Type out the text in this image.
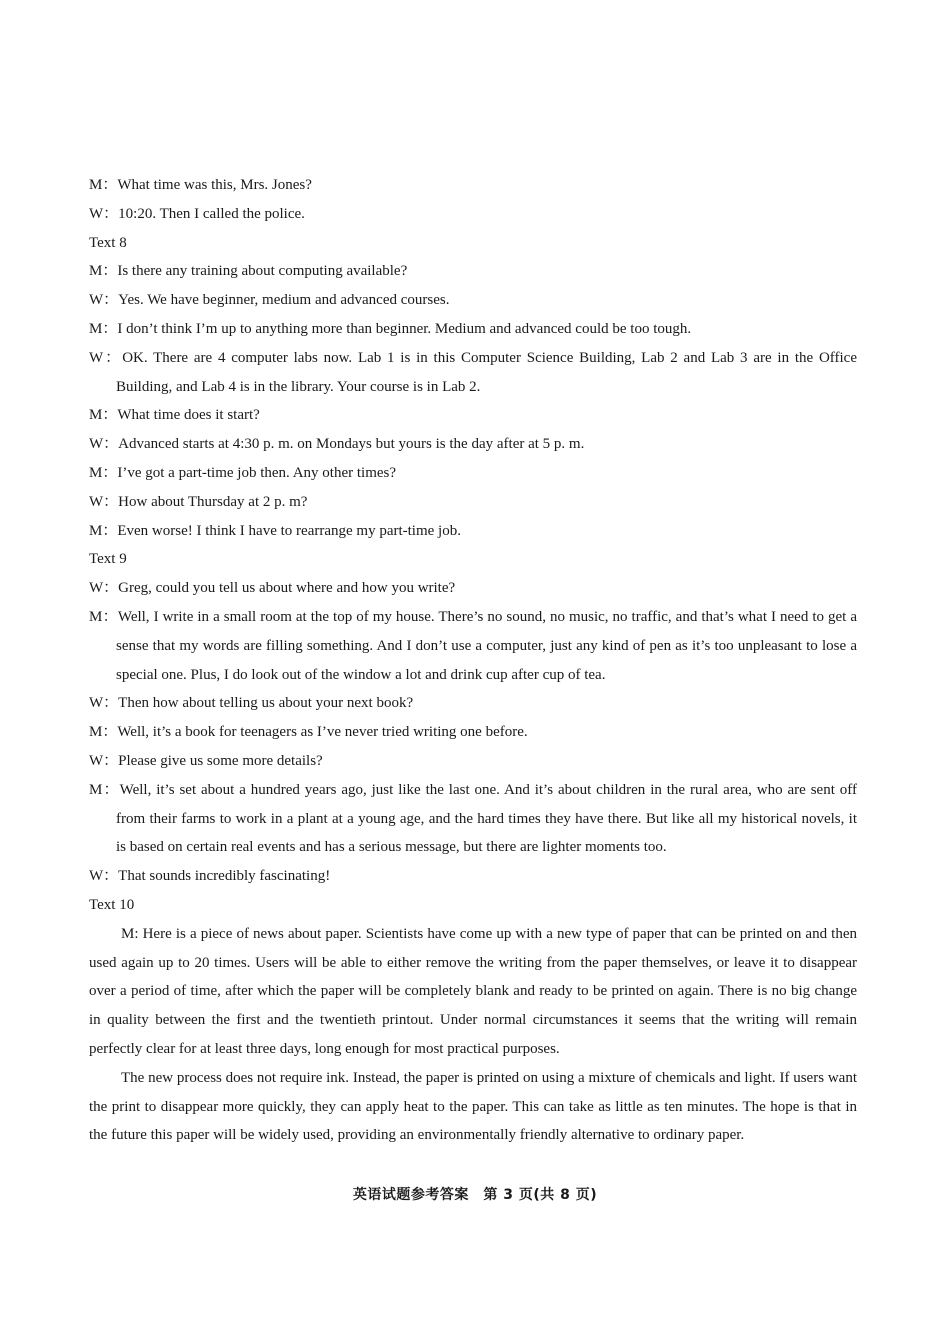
M：What time was this, Mrs. Jones?

W：10:20. Then I called the police.

Text 8

M：Is there any training about computing available?

W：Yes. We have beginner, medium and advanced courses.

M：I don’t think I’m up to anything more than beginner. Medium and advanced could be too tough.

W：OK. There are 4 computer labs now. Lab 1 is in this Computer Science Building, Lab 2 and Lab 3 are in the Office Building, and Lab 4 is in the library. Your course is in Lab 2.

M：What time does it start?

W：Advanced starts at 4:30 p. m. on Mondays but yours is the day after at 5 p. m.

M：I’ve got a part-time job then. Any other times?

W：How about Thursday at 2 p. m?

M：Even worse! I think I have to rearrange my part-time job.

Text 9

W：Greg, could you tell us about where and how you write?

M：Well, I write in a small room at the top of my house. There’s no sound, no music, no traffic, and that’s what I need to get a sense that my words are filling something. And I don’t use a computer, just any kind of pen as it’s too unpleasant to lose a special one. Plus, I do look out of the window a lot and drink cup after cup of tea.

W：Then how about telling us about your next book?

M：Well, it’s a book for teenagers as I’ve never tried writing one before.

W：Please give us some more details?

M：Well, it’s set about a hundred years ago, just like the last one. And it’s about children in the rural area, who are sent off from their farms to work in a plant at a young age, and the hard times they have there. But like all my historical novels, it is based on certain real events and has a serious message, but there are lighter moments too.

W：That sounds incredibly fascinating!

Text 10

M: Here is a piece of news about paper. Scientists have come up with a new type of paper that can be printed on and then used again up to 20 times. Users will be able to either remove the writing from the paper themselves, or leave it to disappear over a period of time, after which the paper will be completely blank and ready to be printed on again. There is no big change in quality between the first and the twentieth printout. Under normal circumstances it seems that the writing will remain perfectly clear for at least three days, long enough for most practical purposes.

The new process does not require ink. Instead, the paper is printed on using a mixture of chemicals and light. If users want the print to disappear more quickly, they can apply heat to the paper. This can take as little as ten minutes. The hope is that in the future this paper will be widely used, providing an environmentally friendly alternative to ordinary paper.

英语试题参考答案　第 3 页(共 8 页)
